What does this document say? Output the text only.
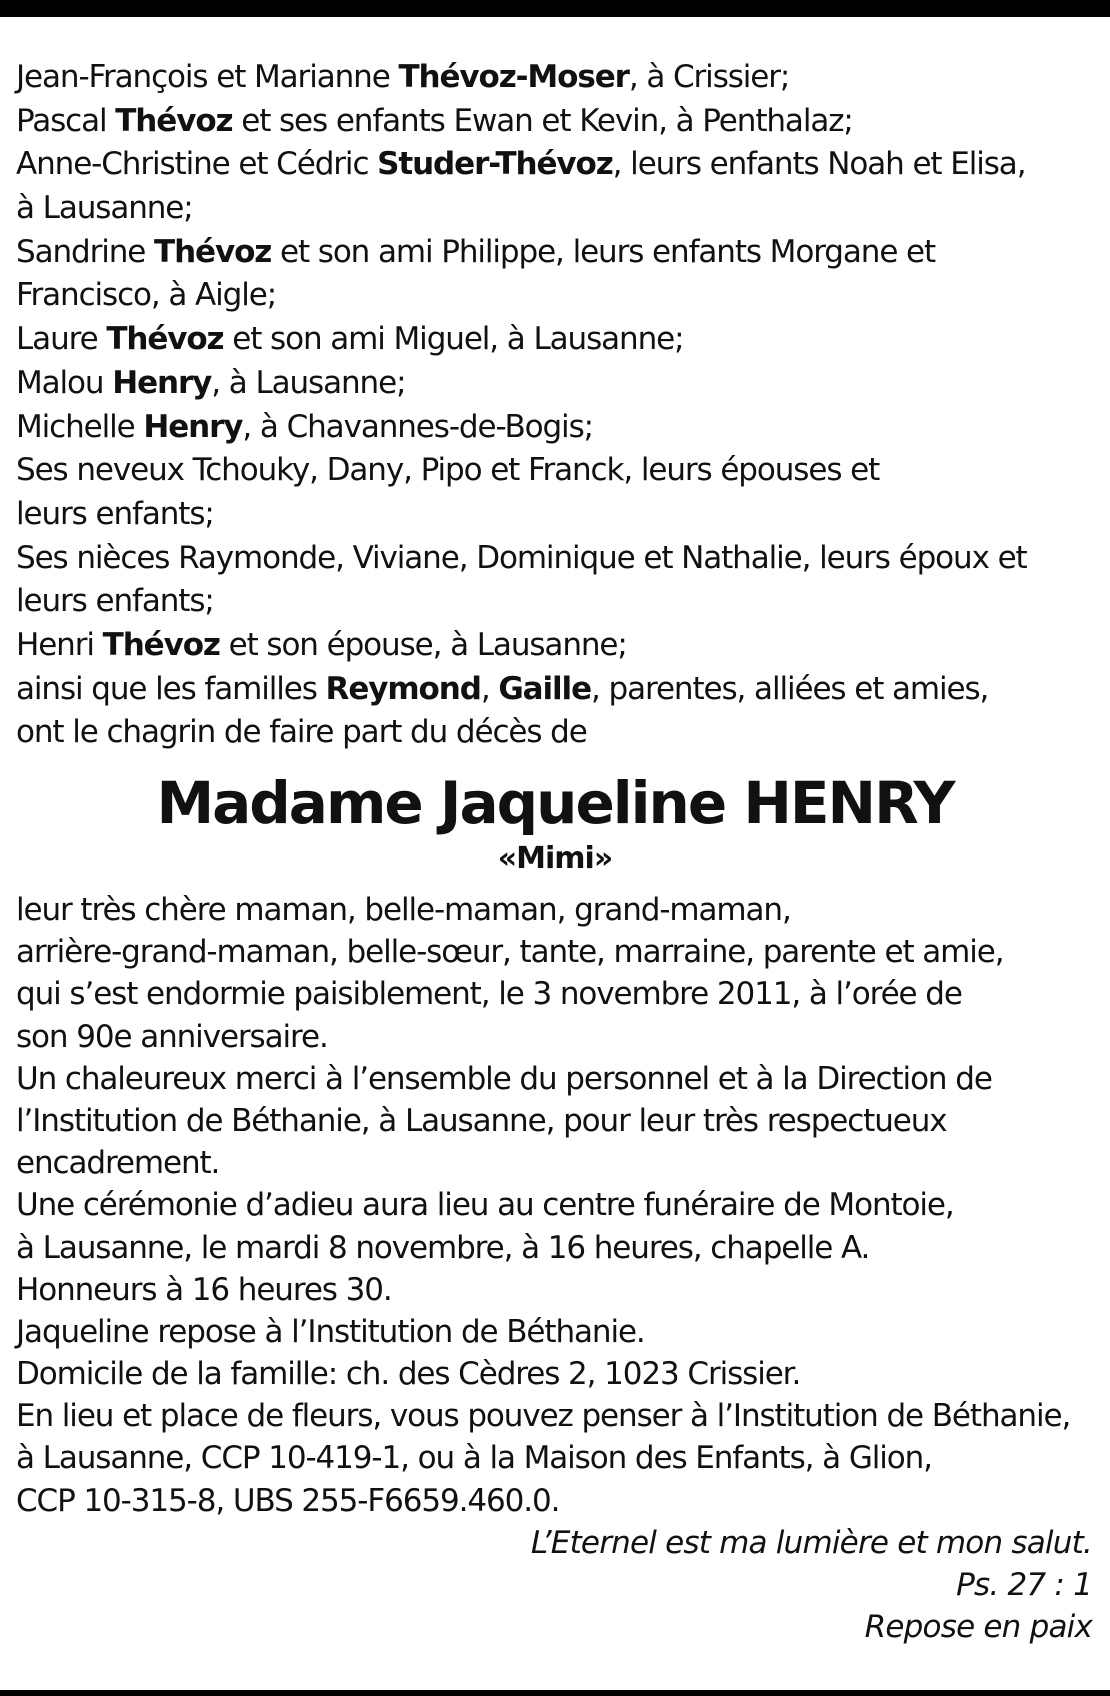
Jean-François et Marianne Thévoz-Moser, à Crissier;
Pascal Thévoz et ses enfants Ewan et Kevin, à Penthalaz;
Anne-Christine et Cédric Studer-Thévoz, leurs enfants Noah et Elisa,
à Lausanne;
Sandrine Thévoz et son ami Philippe, leurs enfants Morgane et
Francisco, à Aigle;
Laure Thévoz et son ami Miguel, à Lausanne;
Malou Henry, à Lausanne;
Michelle Henry, à Chavannes-de-Bogis;
Ses neveux Tchouky, Dany, Pipo et Franck, leurs épouses et
leurs enfants;
Ses nièces Raymonde, Viviane, Dominique et Nathalie, leurs époux et
leurs enfants;
Henri Thévoz et son épouse, à Lausanne;
ainsi que les familles Reymond, Gaille, parentes, alliées et amies,
ont le chagrin de faire part du décès de
Madame Jaqueline HENRY
«Mimi»
leur très chère maman, belle-maman, grand-maman,
arrière-grand-maman, belle-sœur, tante, marraine, parente et amie,
qui s’est endormie paisiblement, le 3 novembre 2011, à l’orée de
son 90e anniversaire.
Un chaleureux merci à l’ensemble du personnel et à la Direction de
l’Institution de Béthanie, à Lausanne, pour leur très respectueux
encadrement.
Une cérémonie d’adieu aura lieu au centre funéraire de Montoie,
à Lausanne, le mardi 8 novembre, à 16 heures, chapelle A.
Honneurs à 16 heures 30.
Jaqueline repose à l’Institution de Béthanie.
Domicile de la famille: ch. des Cèdres 2, 1023 Crissier.
En lieu et place de fleurs, vous pouvez penser à l’Institution de Béthanie,
à Lausanne, CCP 10-419-1, ou à la Maison des Enfants, à Glion,
CCP 10-315-8, UBS 255-F6659.460.0.
L’Eternel est ma lumière et mon salut.
Ps. 27 : 1
Repose en paix
